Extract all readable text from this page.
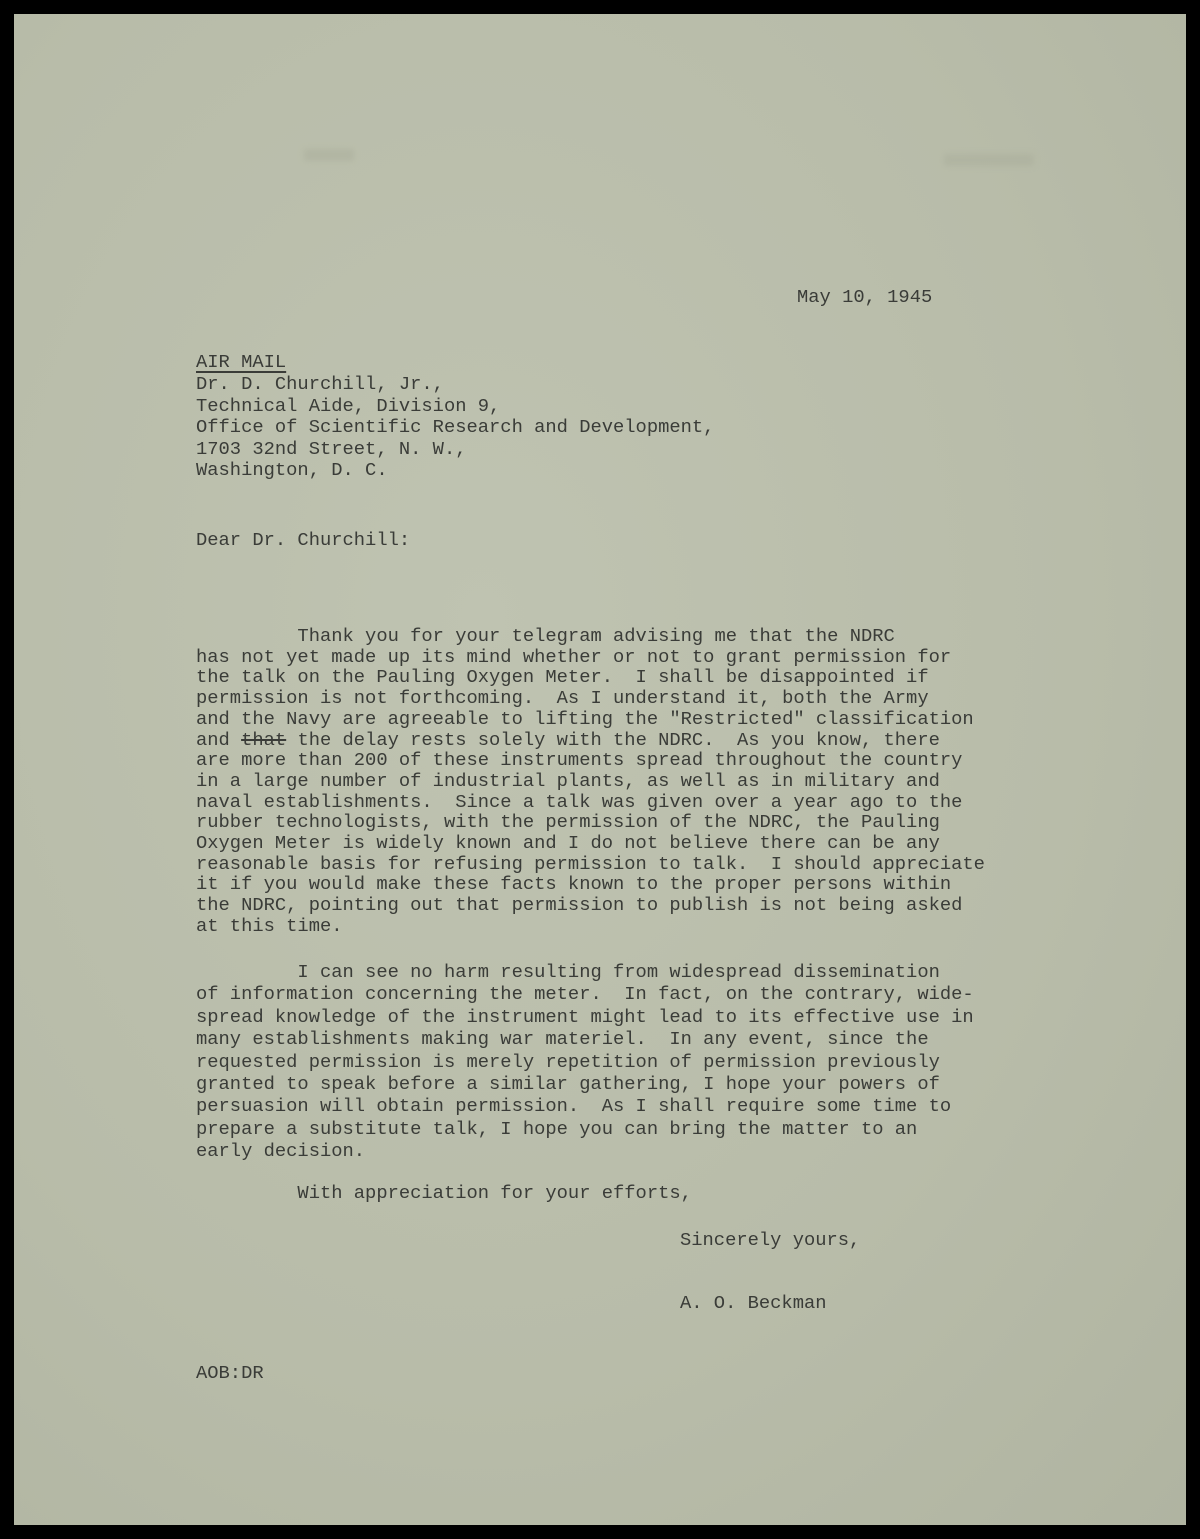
May 10, 1945
AIR MAIL
Dr. D. Churchill, Jr.,
Technical Aide, Division 9,
Office of Scientific Research and Development,
1703 32nd Street, N. W.,
Washington, D. C.
Dear Dr. Churchill:
Thank you for your telegram advising me that the NDRC
has not yet made up its mind whether or not to grant permission for
the talk on the Pauling Oxygen Meter.  I shall be disappointed if
permission is not forthcoming.  As I understand it, both the Army
and the Navy are agreeable to lifting the "Restricted" classification
and that the delay rests solely with the NDRC.  As you know, there
are more than 200 of these instruments spread throughout the country
in a large number of industrial plants, as well as in military and
naval establishments.  Since a talk was given over a year ago to the
rubber technologists, with the permission of the NDRC, the Pauling
Oxygen Meter is widely known and I do not believe there can be any
reasonable basis for refusing permission to talk.  I should appreciate
it if you would make these facts known to the proper persons within
the NDRC, pointing out that permission to publish is not being asked
at this time.
I can see no harm resulting from widespread dissemination
of information concerning the meter.  In fact, on the contrary, wide-
spread knowledge of the instrument might lead to its effective use in
many establishments making war materiel.  In any event, since the
requested permission is merely repetition of permission previously
granted to speak before a similar gathering, I hope your powers of
persuasion will obtain permission.  As I shall require some time to
prepare a substitute talk, I hope you can bring the matter to an
early decision.
With appreciation for your efforts,
Sincerely yours,
A. O. Beckman
AOB:DR
